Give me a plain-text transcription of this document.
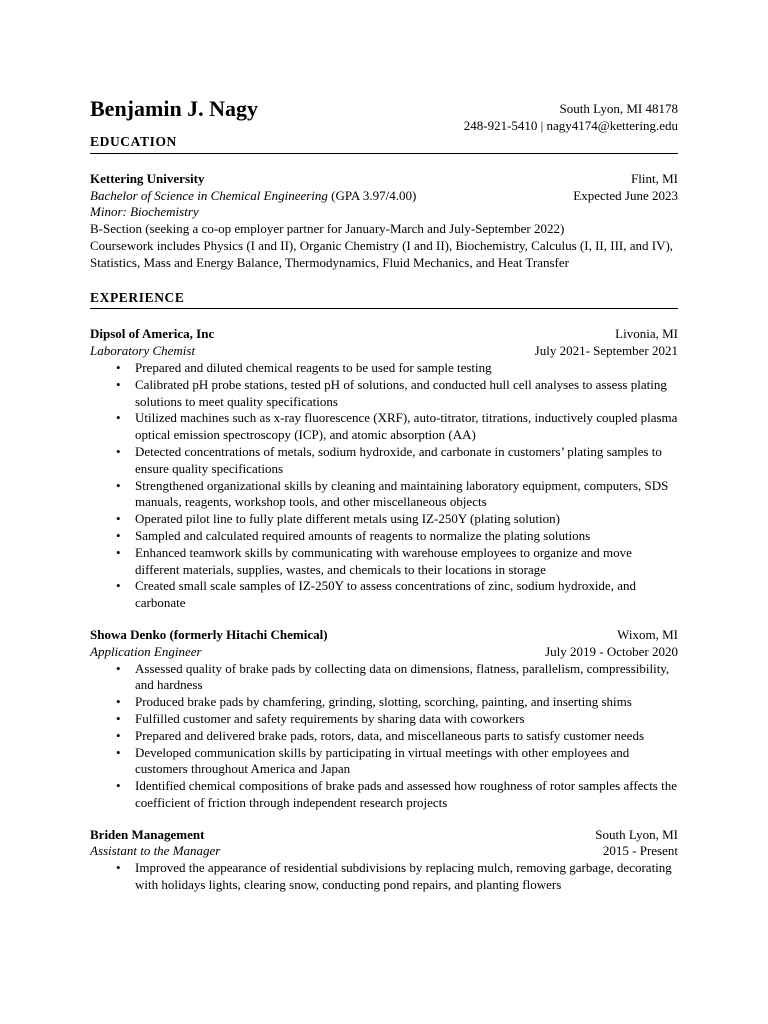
Benjamin J. Nagy	South Lyon, MI 48178
248-921-5410 | nagy4174@kettering.edu
EDUCATION
Kettering University	Flint, MI
Bachelor of Science in Chemical Engineering (GPA 3.97/4.00)	Expected June 2023

Minor: Biochemistry

B-Section (seeking a co-op employer partner for January-March and July-September 2022)

Coursework includes Physics (I and II), Organic Chemistry (I and II), Biochemistry, Calculus (I, II, III, and IV), Statistics, Mass and Energy Balance, Thermodynamics, Fluid Mechanics, and Heat Transfer

EXPERIENCE
Dipsol of America, Inc	Livonia, MI
Laboratory Chemist	July 2021- September 2021
• Prepared and diluted chemical reagents to be used for sample testing
• Calibrated pH probe stations, tested pH of solutions, and conducted hull cell analyses to assess plating solutions to meet quality specifications
• Utilized machines such as x-ray fluorescence (XRF), auto-titrator, titrations, inductively coupled plasma optical emission spectroscopy (ICP), and atomic absorption (AA)
• Detected concentrations of metals, sodium hydroxide, and carbonate in customers’ plating samples to ensure quality specifications
• Strengthened organizational skills by cleaning and maintaining laboratory equipment, computers, SDS manuals, reagents, workshop tools, and other miscellaneous objects
• Operated pilot line to fully plate different metals using IZ-250Y (plating solution)
• Sampled and calculated required amounts of reagents to normalize the plating solutions
• Enhanced teamwork skills by communicating with warehouse employees to organize and move different materials, supplies, wastes, and chemicals to their locations in storage
• Created small scale samples of IZ-250Y to assess concentrations of zinc, sodium hydroxide, and carbonate
Showa Denko (formerly Hitachi Chemical)	Wixom, MI
Application Engineer	July 2019 - October 2020
• Assessed quality of brake pads by collecting data on dimensions, flatness, parallelism, compressibility, and hardness
• Produced brake pads by chamfering, grinding, slotting, scorching, painting, and inserting shims
• Fulfilled customer and safety requirements by sharing data with coworkers
• Prepared and delivered brake pads, rotors, data, and miscellaneous parts to satisfy customer needs
• Developed communication skills by participating in virtual meetings with other employees and customers throughout America and Japan
• Identified chemical compositions of brake pads and assessed how roughness of rotor samples affects the coefficient of friction through independent research projects
Briden Management	South Lyon, MI
Assistant to the Manager	2015 - Present
• Improved the appearance of residential subdivisions by replacing mulch, removing garbage, decorating with holidays lights, clearing snow, conducting pond repairs, and planting flowers
